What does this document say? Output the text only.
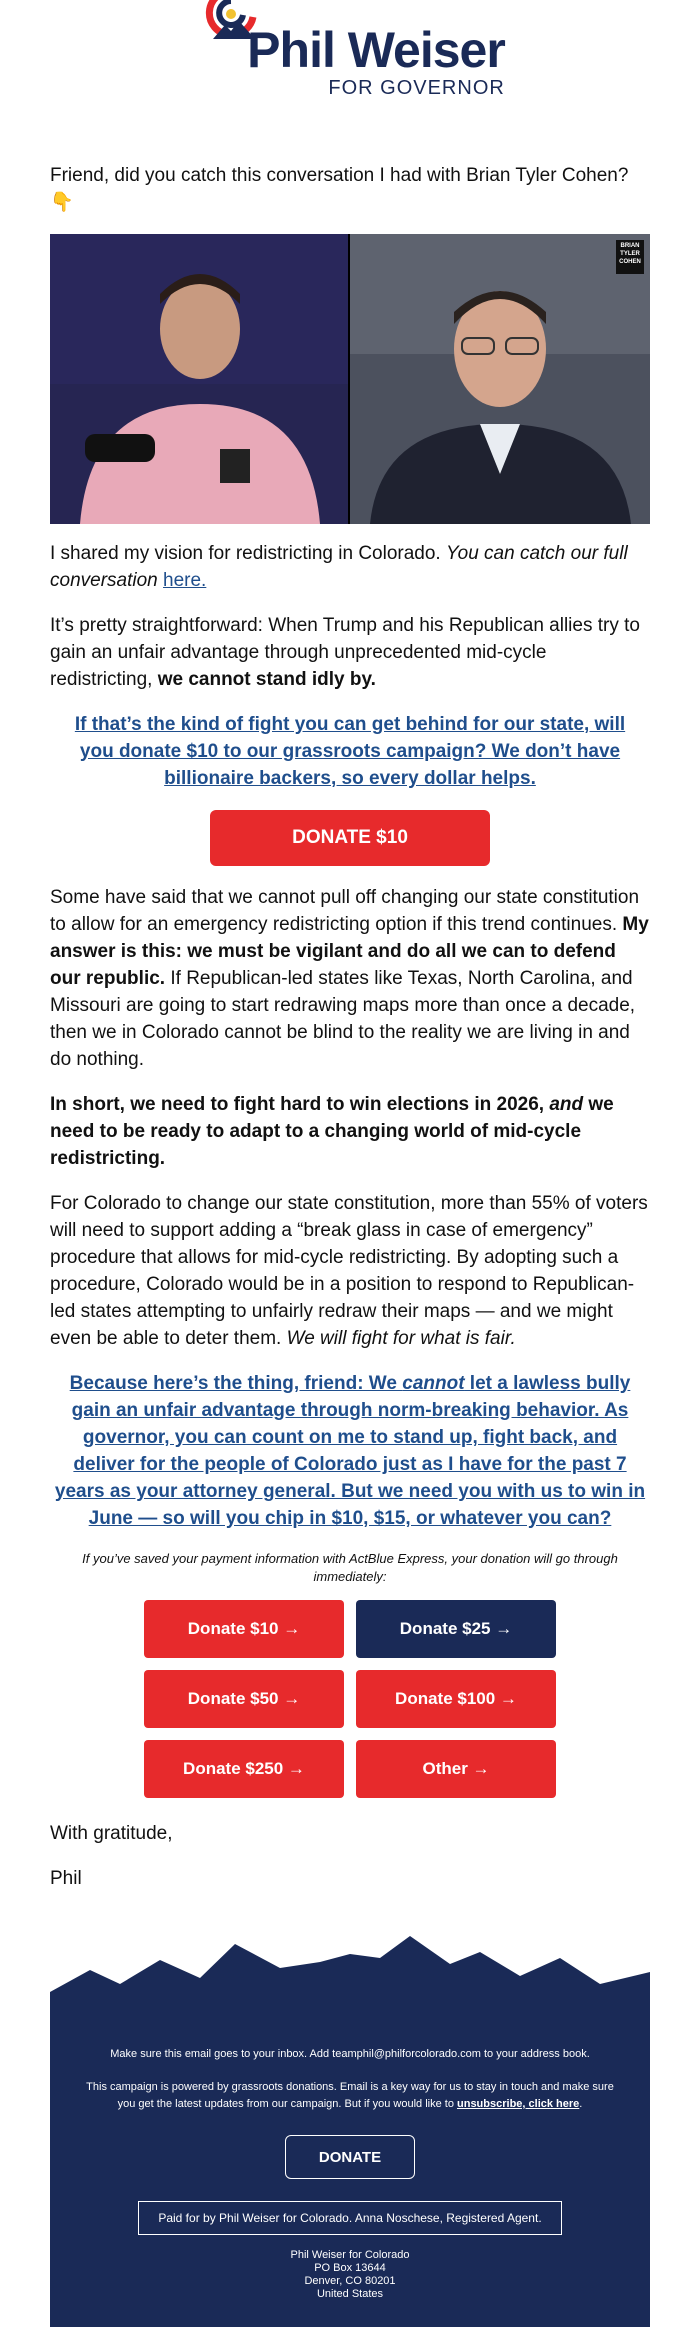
Phil Weiser
FOR GOVERNOR

Friend, did you catch this conversation I had with Brian Tyler Cohen? 👇

BRIAN TYLER COHEN

I shared my vision for redistricting in Colorado. You can catch our full conversation here.

It’s pretty straightforward: When Trump and his Republican allies try to gain an unfair advantage through unprecedented mid-cycle redistricting, we cannot stand idly by.

If that’s the kind of fight you can get behind for our state, will you donate $10 to our grassroots campaign? We don’t have billionaire backers, so every dollar helps.

DONATE $10

Some have said that we cannot pull off changing our state constitution to allow for an emergency redistricting option if this trend continues. My answer is this: we must be vigilant and do all we can to defend our republic. If Republican-led states like Texas, North Carolina, and Missouri are going to start redrawing maps more than once a decade, then we in Colorado cannot be blind to the reality we are living in and do nothing.

In short, we need to fight hard to win elections in 2026, and we need to be ready to adapt to a changing world of mid-cycle redistricting.

For Colorado to change our state constitution, more than 55% of voters will need to support adding a “break glass in case of emergency” procedure that allows for mid-cycle redistricting. By adopting such a procedure, Colorado would be in a position to respond to Republican-led states attempting to unfairly redraw their maps — and we might even be able to deter them. We will fight for what is fair.

Because here’s the thing, friend: We cannot let a lawless bully gain an unfair advantage through norm-breaking behavior. As governor, you can count on me to stand up, fight back, and deliver for the people of Colorado just as I have for the past 7 years as your attorney general. But we need you with us to win in June — so will you chip in $10, $15, or whatever you can?

If you’ve saved your payment information with ActBlue Express, your donation will go through immediately:

Donate $10 →	Donate $25 →
Donate $50 →	Donate $100 →
Donate $250 →	Other →

With gratitude,

Phil

Make sure this email goes to your inbox. Add teamphil@philforcolorado.com to your address book.

This campaign is powered by grassroots donations. Email is a key way for us to stay in touch and make sure you get the latest updates from our campaign. But if you would like to unsubscribe, click here.

DONATE
Paid for by Phil Weiser for Colorado. Anna Noschese, Registered Agent.
Phil Weiser for Colorado
PO Box 13644
Denver, CO 80201
United States
